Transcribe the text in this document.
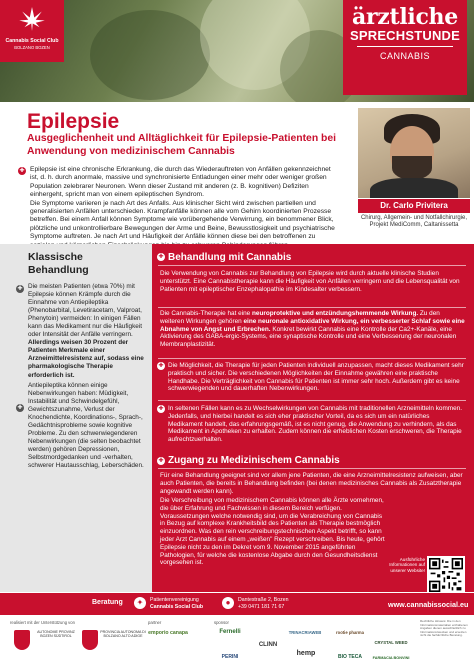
Cannabis Social Club
BOLZANO BOZEN
ärztliche
SPRECHSTUNDE
CANNABIS
Epilepsie
Ausgeglichenheit und Alltäglichkeit für Epilepsie-Patienten bei Anwendung von medizinischem Cannabis
✚ Epilepsie ist eine chronische Erkrankung, die durch das Wiederauftreten von Anfällen gekennzeichnet ist, d. h. durch anormale, massive und synchronisierte Entladungen einer mehr oder weniger großen Population zelebrarer Neuronen. Wenn dieser Zustand mit anderen (z. B. kognitiven) Defiziten einhergeht, spricht man von einem epileptischen Syndrom.

Die Symptome variieren je nach Art des Anfalls. Aus klinischer Sicht wird zwischen partiellen und generalisierten Anfällen unterschieden. Krampfanfälle können alle vom Gehirn koordinierten Prozesse betreffen. Bei einem Anfall können Symptome wie vorübergehende Verwirrung, ein benommener Blick, plötzliche und unkontrollierbare Bewegungen der Arme und Beine, Bewusstlosigkeit und psychiatrische Symptome auftreten. Je nach Art und Häufigkeit der Anfälle können diese bei den betroffenen zu

Dr. Carlo Privitera
Chirurg, Allgemein- und Notfallchirurgie, Projekt MediComm, Caltanissetta
Klassische Behandlung
✚ Die meisten Patienten (etwa 70%) mit Epilepsie können Krämpfe durch die Einnahme von Antiepileptika (Phenobarbital, Levetiracetam, Valproat, Phenytoin) vermeiden: In einigen Fällen kann das Medikament nur die Häufigkeit oder Intensität der Anfälle verringern.

Allerdings weisen 30 Prozent der Patienten Merkmale einer Arzneimittelresistenz auf, sodass eine pharmakologische Therapie erforderlich ist.

Antiepileptika können einige Nebenwirkungen haben: Müdigkeit, Instabilität und Schwindelgefühl, Gewichtszunahme, Verlust der Knochendichte, Koordinations-, Sprach-, Gedächtnisprobleme sowie kognitive Probleme. Zu den schwerwiegenderen Nebenwirkungen (die selten beobachtet werden) gehören Depressionen, Selbstmordgedanken und -verhalten, schwerer Hautausschlag, Leberschäden.

✚
✚ Behandlung mit Cannabis
Die Verwendung von Cannabis zur Behandlung von Epilepsie wird durch aktuelle klinische Studien unterstützt. Eine Cannabistherapie kann die Häufigkeit von Anfällen verringern und die Lebensqualität von Patienten mit epileptischer Enzephalopathie im Kindesalter verbessern.
Die Cannabis-Therapie hat eine neuroprotektive und entzündungshemmende Wirkung. Zu den weiteren Wirkungen gehören eine neuronale antioxidative Wirkung, ein verbesserter Schlaf sowie eine Abnahme von Angst und Erbrechen. Konkret bewirkt Cannabis eine Kontrolle der Ca2+-Kanäle, eine Aktivierung des GABA-ergic-Systems, eine synaptische Kontrolle und eine Verbesserung der neuronalen Membranplastizität.
✚ Die Möglichkeit, die Therapie für jeden Patienten individuell anzupassen, macht dieses Medikament sehr praktisch und sicher. Die verschiedenen Möglichkeiten der Einnahme gewähren eine praktische Handhabe. Die Verträglichkeit von Cannabis für Patienten ist immer sehr hoch. Außerdem gibt es keine schwerwiegenden und dauerhaften Nebenwirkungen.
✚ In seltenen Fällen kann es zu Wechselwirkungen von Cannabis mit traditionellen Arzneimitteln kommen. Jedenfalls, und hierbei handelt es sich eher praktischer Vorteil, da es sich um ein natürliches Medikament handelt, das erfahrungsgemäß, ist es nicht genug, die Anwendung zu verhindern, als das Medikament in Apotheken zu erhalten. Zudem können die erheblichen Kosten erschweren, die Therapie aufrechtzuerhalten.
✚ Zugang zu Medizinischem Cannabis
Für eine Behandlung geeignet sind vor allem jene Patienten, die eine Arzneimittelresistenz aufweisen, aber auch Patienten, die bereits in Behandlung befinden (bei denen medizinisches Cannabis als Zusatztherapie angewandt werden kann).
Die Verschreibung von medizinischem Cannabis können alle Ärzte vornehmen, die über Erfahrung und Fachwissen in diesem Bereich verfügen. Voraussetzungen welche notwendig sind, um die Verabreichung von Cannabis in Bezug auf komplexe Krankheitsbild des Patienten als Therapie bestmöglich einzuordnen. Was den rein verschreibungstechnischen Aspekt betrifft, so kann jeder Arzt Cannabis auf einem „weißen" Rezept verschreiben. Bis heute, gehört Epilepsie nicht zu den im Dekret vom 9. November 2015 angeführten Pathologien, für welche die kostenlose Abgabe durch den Gesundheitsdienst vorgesehen ist.	Ausführliche Informationen auf unserer Website!
Beratung	✦	Patientenvereinigung
Cannabis Social Club	●	Dantestraße 2, Bozen
+39 0471 181 71 67	www.cannabissocial.eu
realisiert mit der Unterstützung von	partner	sponsor
AUTONOME PROVINZ BOZEN SÜDTIROL
PROVINCIA AUTONOMA DI BOLZANO ALTO ADIGE
emporio canapa	Fernelli
CLINN
TRINACRIAWEB
hemp
rootie pharma
CRYSTAL WEED
FARMACIA BONVINI
PERINI	BIO TECA
Rechtliche Hinweis: Die in den Informationsmaterialien enthaltenen Angaben dienen ausschließlich zu Informationszwecken und ersetzen nicht die fachärztliche Beratung.
